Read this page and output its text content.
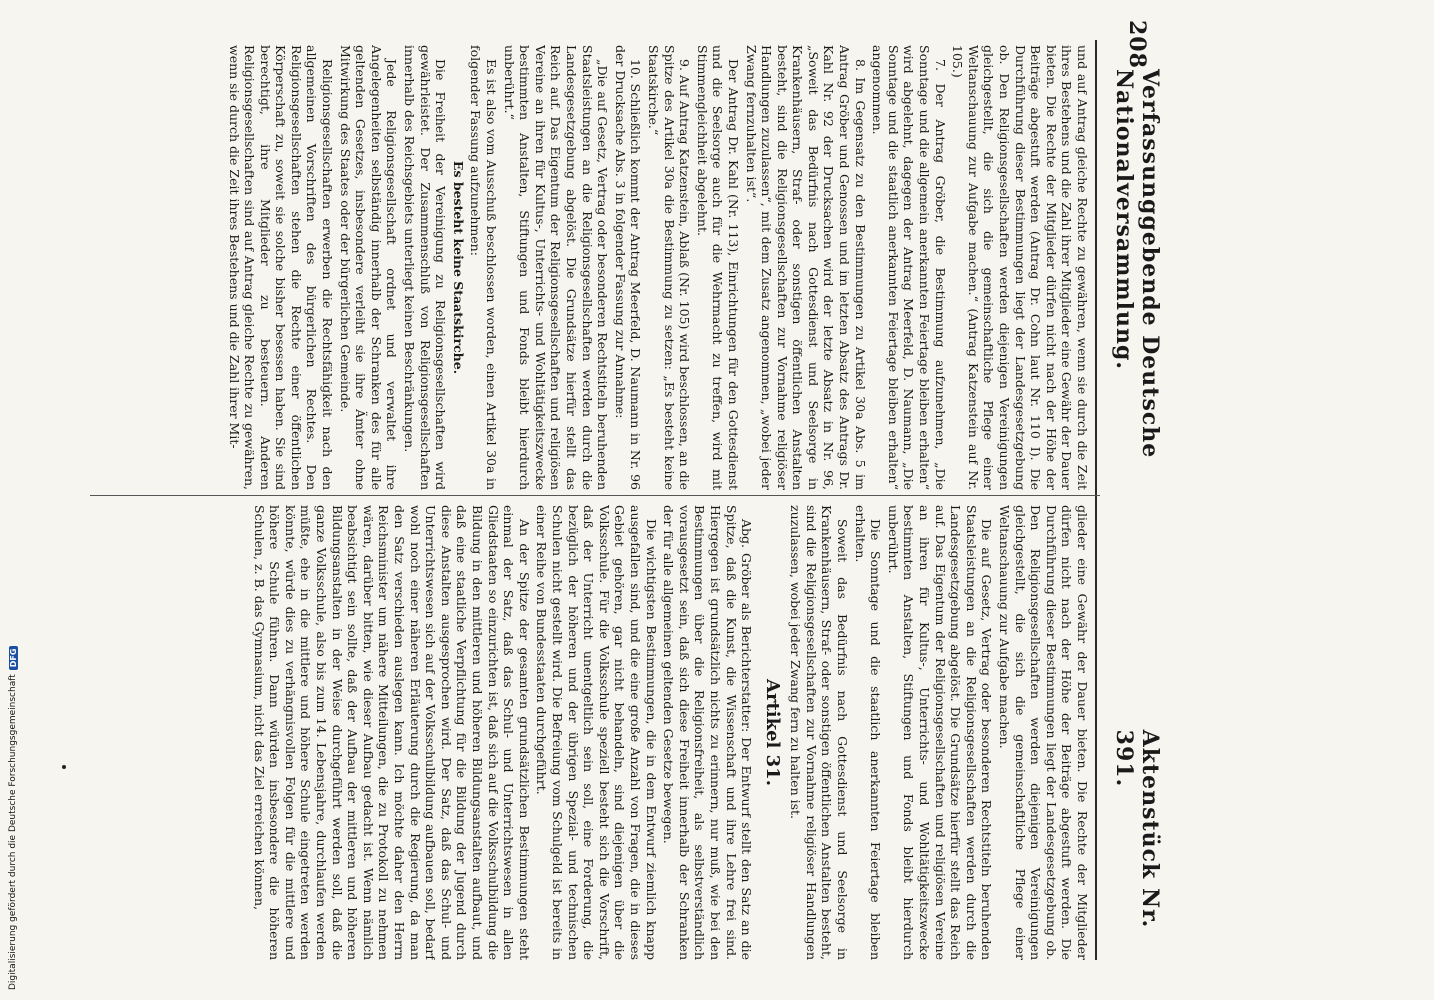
208
Verfassunggebende Deutsche Nationalversammlung.
Aktenstück Nr. 391.

und auf Antrag gleiche Rechte zu gewähren, wenn sie durch die Zeit ihres Bestehens und die Zahl ihrer Mitglieder eine Gewähr der Dauer bieten. Die Rechte der Mitglieder dürfen nicht nach der Höhe der Beiträge abgestuft werden (Antrag Dr. Cohn laut Nr. 110 I). Die Durchführung dieser Bestimmungen liegt der Landesgesetzgebung ob. Den Religionsgesellschaften werden diejenigen Vereinigungen gleichgestellt, die sich die gemeinschaftliche Pflege einer Weltanschauung zur Aufgabe machen.“ (Antrag Katzenstein auf Nr. 105.)

7. Der Antrag Gröber, die Bestimmung aufzunehmen, „Die Sonntage und die allgemein anerkannten Feiertage bleiben erhalten“ wird abgelehnt, dagegen der Antrag Meerfeld, D. Naumann, „Die Sonntage und die staatlich anerkannten Feiertage bleiben erhalten“ angenommen.

8. Im Gegensatz zu den Bestimmungen zu Artikel 30a Abs. 5 im Antrag Gröber und Genossen und im letzten Absatz des Antrags Dr. Kahl Nr. 92 der Drucksachen wird der letzte Absatz in Nr. 96, „Soweit das Bedürfnis nach Gottesdienst und Seelsorge in Krankenhäusern, Straf- oder sonstigen öffentlichen Anstalten besteht, sind die Religionsgesellschaften zur Vornahme religiöser Handlungen zuzulassen“, mit dem Zusatz angenommen, „wobei jeder Zwang fernzuhalten ist“.

Der Antrag Dr. Kahl (Nr. 113), Einrichtungen für den Gottesdienst und die Seelsorge auch für die Wehrmacht zu treffen, wird mit Stimmengleichheit abgelehnt.

9. Auf Antrag Katzenstein, Ablaß (Nr. 105) wird beschlossen, an die Spitze des Artikel 30a die Bestimmung zu setzen: „Es besteht keine Staatskirche.“

10. Schließlich kommt der Antrag Meerfeld, D. Naumann in Nr. 96 der Drucksache Abs. 3 in folgender Fassung zur Annahme:

„Die auf Gesetz, Vertrag oder besonderen Rechtstiteln beruhenden Staatsleistungen an die Religionsgesellschaften werden durch die Landesgesetzgebung abgelöst. Die Grundsätze hierfür stellt das Reich auf. Das Eigentum der Religionsgesellschaften und religiösen Vereine an ihren für Kultus-, Unterrichts- und Wohltätigkeitszwecke bestimmten Anstalten, Stiftungen und Fonds bleibt hierdurch unberührt.“

Es ist also vom Ausschuß beschlossen worden, einen Artikel 30a in folgender Fassung aufzunehmen:

Es besteht keine Staatskirche.

Die Freiheit der Vereinigung zu Religionsgesellschaften wird gewährleistet. Der Zusammenschluß von Religionsgesellschaften innerhalb des Reichsgebiets unterliegt keinen Beschränkungen.

Jede Religionsgesellschaft ordnet und verwaltet ihre Angelegenheiten selbständig innerhalb der Schranken des für alle geltenden Gesetzes, insbesondere verleiht sie ihre Ämter ohne Mitwirkung des Staates oder der bürgerlichen Gemeinde.

Religionsgesellschaften erwerben die Rechtsfähigkeit nach den allgemeinen Vorschriften des bürgerlichen Rechtes. Den Religionsgesellschaften stehen die Rechte einer öffentlichen Körperschaft zu, soweit sie solche bisher besessen haben. Sie sind berechtigt, ihre Mitglieder zu besteuern. Anderen Religionsgesellschaften sind auf Antrag gleiche Rechte zu gewähren, wenn sie durch die Zeit ihres Bestehens und die Zahl ihrer Mit-

glieder eine Gewähr der Dauer bieten. Die Rechte der Mitglieder dürfen nicht nach der Höhe der Beiträge abgestuft werden. Die Durchführung dieser Bestimmungen liegt der Landesgesetzgebung ob. Den Religionsgesellschaften werden diejenigen Vereinigungen gleichgestellt, die sich die gemeinschaftliche Pflege einer Weltanschauung zur Aufgabe machen.

Die auf Gesetz, Vertrag oder besonderen Rechtstiteln beruhenden Staatsleistungen an die Religionsgesellschaften werden durch die Landesgesetzgebung abgelöst. Die Grundsätze hierfür stellt das Reich auf. Das Eigentum der Religionsgesellschaften und religiösen Vereine an ihren für Kultus-, Unterrichts- und Wohltätigkeitszwecke bestimmten Anstalten, Stiftungen und Fonds bleibt hierdurch unberührt.

Die Sonntage und die staatlich anerkannten Feiertage bleiben erhalten.

Soweit das Bedürfnis nach Gottesdienst und Seelsorge in Krankenhäusern, Straf- oder sonstigen öffentlichen Anstalten besteht, sind die Religionsgesellschaften zur Vornahme religiöser Handlungen zuzulassen, wobei jeder Zwang fern zu halten ist.

Artikel 31.

Abg. Gröber als Berichterstatter: Der Entwurf stellt den Satz an die Spitze, daß die Kunst, die Wissenschaft und ihre Lehre frei sind. Hiergegen ist grundsätzlich nichts zu erinnern, nur muß, wie bei den Bestimmungen über die Religionsfreiheit, als selbstverständlich vorausgesetzt sein, daß sich diese Freiheit innerhalb der Schranken der für alle allgemeinen geltenden Gesetze bewegen.

Die wichtigsten Bestimmungen, die in dem Entwurf ziemlich knapp ausgefallen sind, und die eine große Anzahl von Fragen, die in dieses Gebiet gehören, gar nicht behandeln, sind diejenigen über die Volksschule. Für die Volksschule speziell besteht sich die Vorschrift, daß der Unterricht unentgeltlich sein soll, eine Forderung, die bezüglich der höheren und der übrigen Spezial- und technischen Schulen nicht gestellt wird. Die Befreiung vom Schulgeld ist bereits in einer Reihe von Bundesstaaten durchgeführt.

An der Spitze der gesamten grundsätzlichen Bestimmungen steht einmal der Satz, daß das Schul- und Unterrichtswesen in allen Gliedstaaten so einzurichten ist, daß sich auf die Volksschulbildung die Bildung in den mittleren und höheren Bildungsanstalten aufbaut, und daß eine staatliche Verpflichtung für die Bildung der Jugend durch diese Anstalten ausgesprochen wird. Der Satz, daß das Schul- und Unterrichtswesen sich auf der Volksschulbildung aufbauen soll, bedarf wohl noch einer näheren Erläuterung durch die Regierung, da man den Satz verschieden auslegen kann. Ich möchte daher den Herrn Reichsminister um nähere Mitteilungen, die zu Protokoll zu nehmen wären, darüber bitten, wie dieser Aufbau gedacht ist. Wenn nämlich beabsichtigt sein sollte, daß der Aufbau der mittleren und höheren Bildungsanstalten in der Weise durchgeführt werden soll, daß die ganze Volksschule, also bis zum 14. Lebensjahre, durchlaufen werden müßte, ehe in die mittlere und höhere Schule eingetreten werden könnte, würde dies zu verhängnisvollen Folgen für die mittlere und höhere Schule führen. Dann würden insbesondere die höheren Schulen, z. B. das Gymnasium, nicht das Ziel erreichen können,

Digitalisierung gefördert durch die Deutsche Forschungsgemeinschaft
DFG
